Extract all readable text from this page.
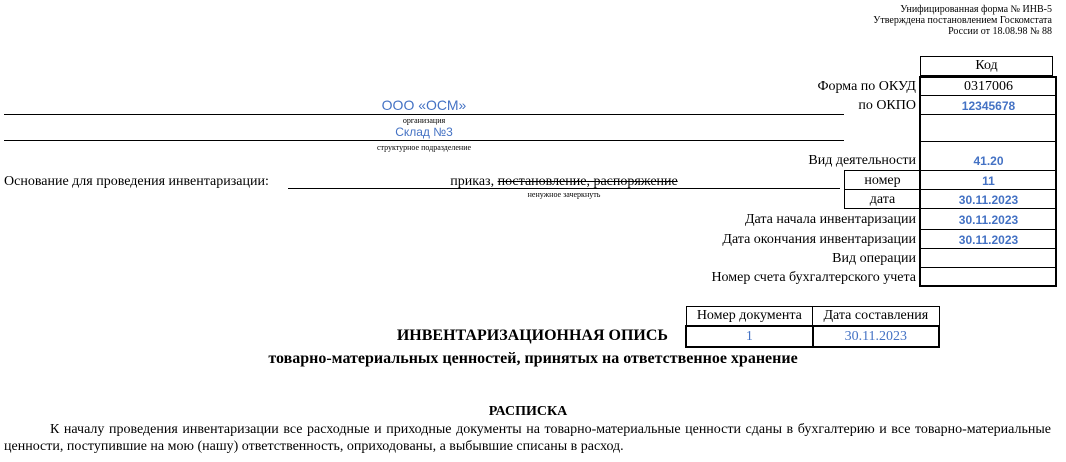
Унифицированная форма № ИНВ-5
Утверждена постановлением Госкомстата
России от 18.08.98 № 88
Код
Форма по ОКУД	0317006
по ОКПО	12345678
ООО «ОСМ»
организация
Склад №3
структурное подразделение
Вид деятельности	41.20
Основание для проведения инвентаризации:	приказ, постановление, распоряжение
ненужное зачеркнуть
номер	11
дата	30.11.2023
Дата начала инвентаризации	30.11.2023
Дата окончания инвентаризации	30.11.2023
Вид операции
Номер счета бухгалтерского учета
Номер документа	Дата составления
1	30.11.2023
ИНВЕНТАРИЗАЦИОННАЯ ОПИСЬ
товарно-материальных ценностей, принятых на ответственное хранение
РАСПИСКА
К началу проведения инвентаризации все расходные и приходные документы на товарно-материальные ценности сданы в бухгалтерию и все товарно-материальные ценности, поступившие на мою (нашу) ответственность, оприходованы, а выбывшие списаны в расход.
